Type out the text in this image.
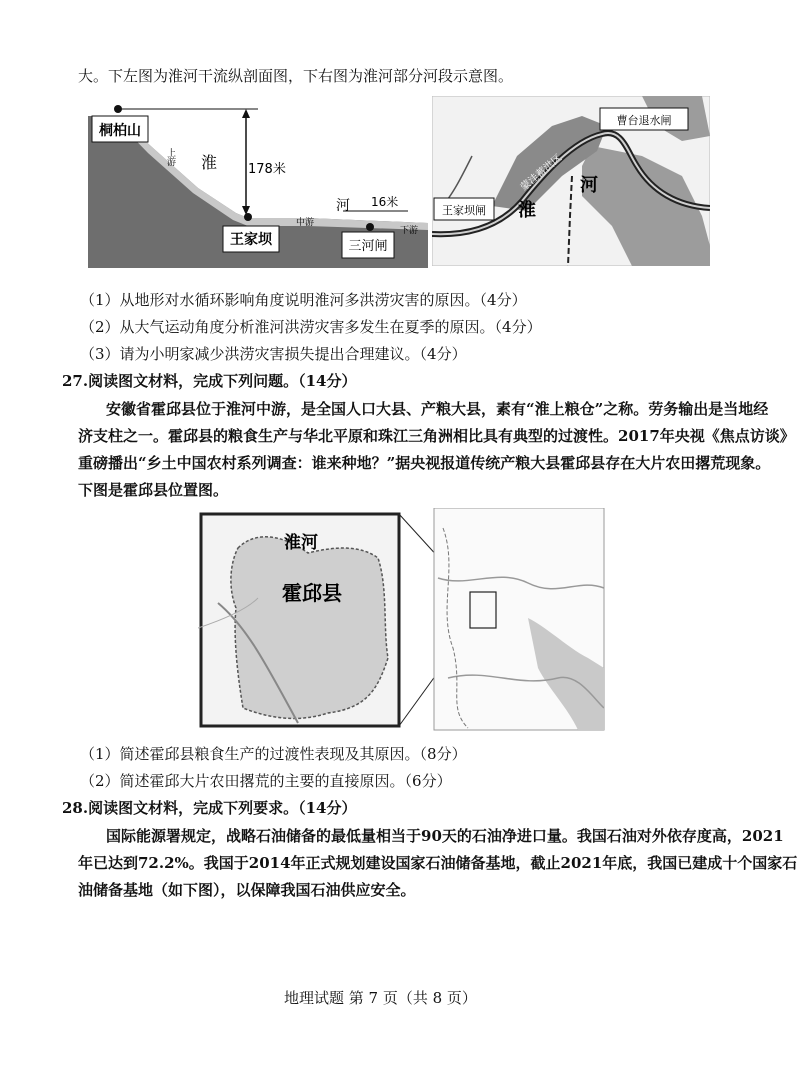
大。下左图为淮河干流纵剖面图，下右图为淮河部分河段示意图。
桐柏山
上游 淮 178米
河 16米
中游
王家坝	三河闸
下游
曹台退水闸
蒙洼蓄洪区 河
淮
王家坝闸
（1）从地形对水循环影响角度说明淮河多洪涝灾害的原因。（4分）
（2）从大气运动角度分析淮河洪涝灾害多发生在夏季的原因。（4分）
（3）请为小明家减少洪涝灾害损失提出合理建议。（4分）
27.阅读图文材料，完成下列问题。（14分）
安徽省霍邱县位于淮河中游，是全国人口大县、产粮大县，素有“淮上粮仓”之称。劳务输出是当地经
济支柱之一。霍邱县的粮食生产与华北平原和珠江三角洲相比具有典型的过渡性。2017年央视《焦点访谈》
重磅播出“乡土中国农村系列调查：谁来种地？”据央视报道传统产粮大县霍邱县存在大片农田撂荒现象。
下图是霍邱县位置图。
淮河
霍邱县
（1）简述霍邱县粮食生产的过渡性表现及其原因。（8分）
（2）简述霍邱大片农田撂荒的主要的直接原因。（6分）
28.阅读图文材料，完成下列要求。（14分）
国际能源署规定，战略石油储备的最低量相当于90天的石油净进口量。我国石油对外依存度高，2021
年已达到72.2%。我国于2014年正式规划建设国家石油储备基地，截止2021年底，我国已建成十个国家石
油储备基地（如下图），以保障我国石油供应安全。
地理试题 第 7 页（共 8 页）
